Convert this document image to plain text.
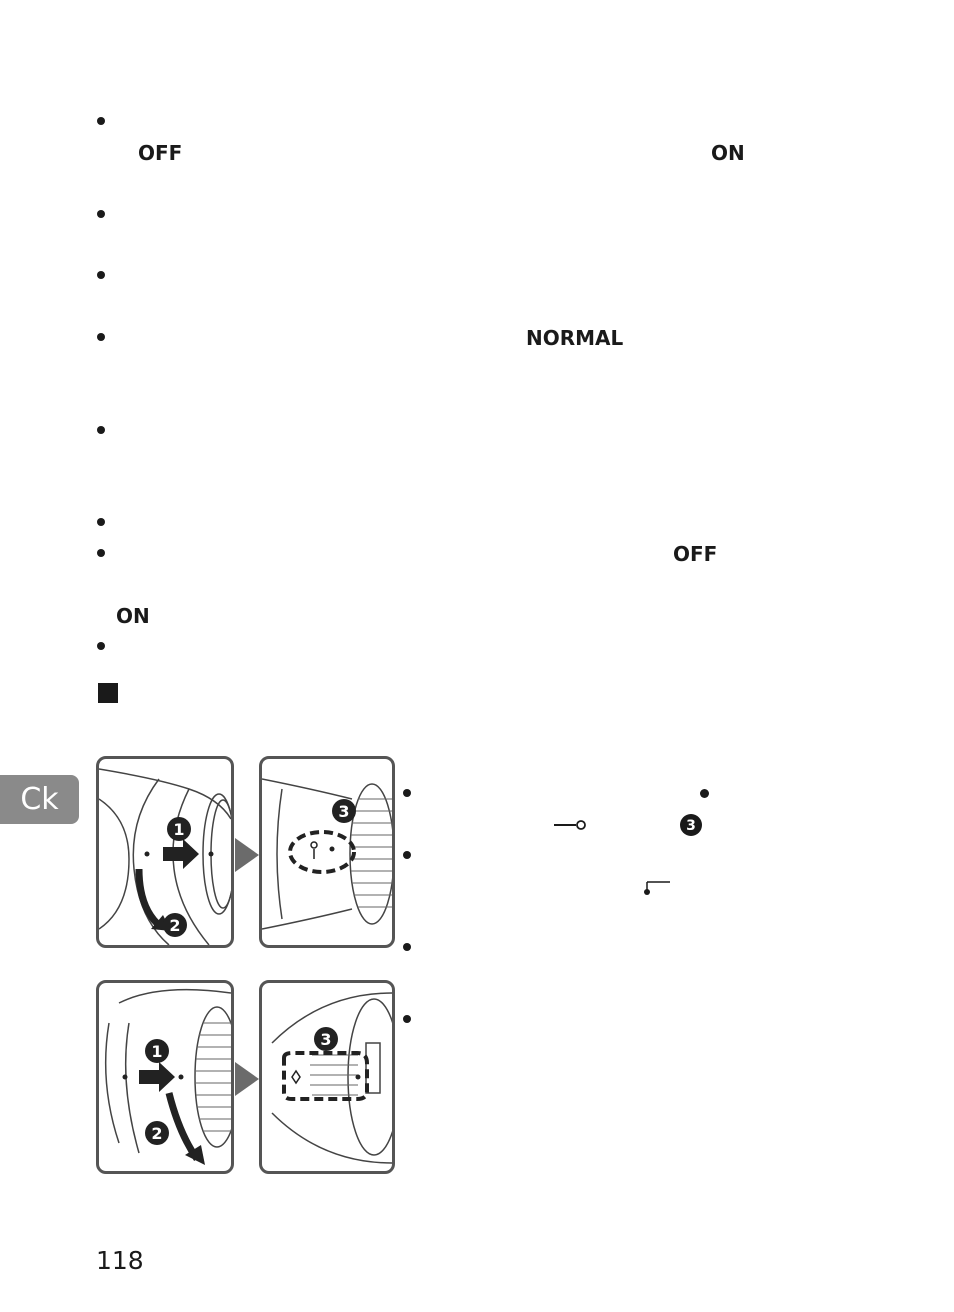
OFF	ON
NORMAL
OFF
ON
Ck
1
2
3
1
2
3
3
118
